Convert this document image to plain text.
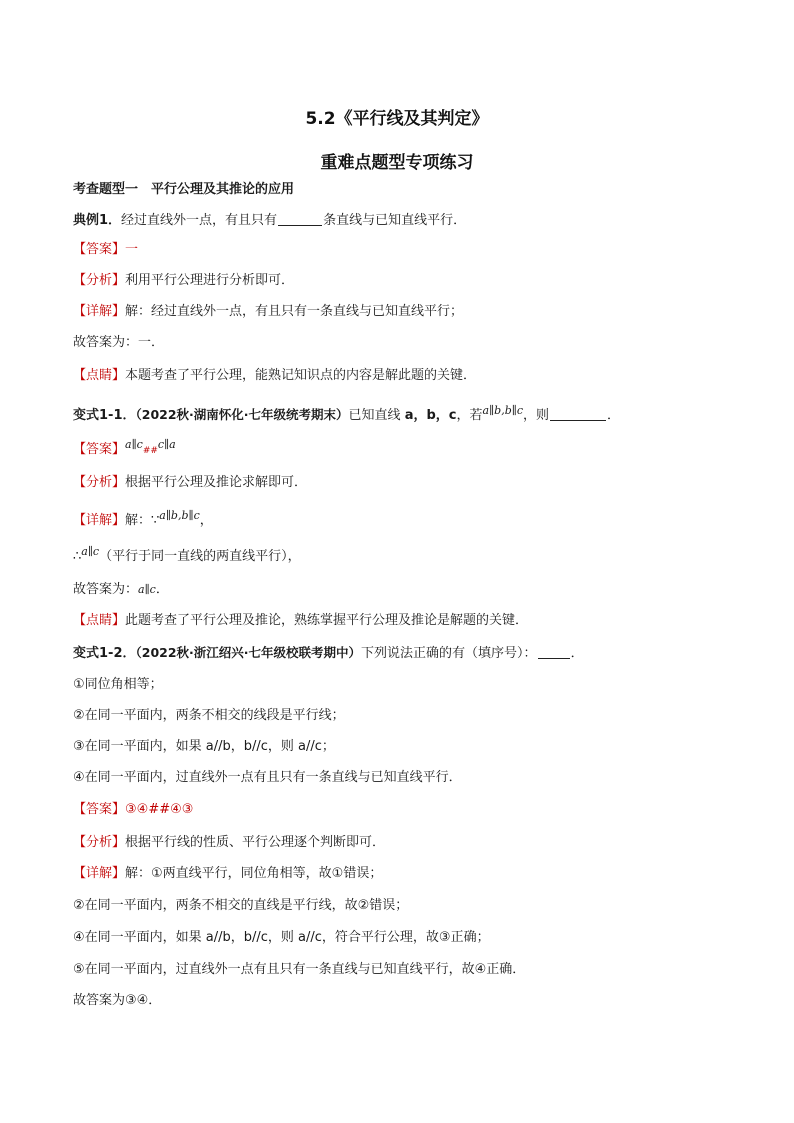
5.2《平行线及其判定》
重难点题型专项练习
考查题型一　平行公理及其推论的应用
典例1．经过直线外一点，有且只有	条直线与已知直线平行．
【答案】一
【分析】利用平行公理进行分析即可．
【详解】解：经过直线外一点，有且只有一条直线与已知直线平行；
故答案为：一．
【点睛】本题考查了平行公理，能熟记知识点的内容是解此题的关键．
变式1-1．（2022秋·湖南怀化·七年级统考期末）已知直线 a，b，c，若$^{a\parallel b,b\parallel c}$，则	．
【答案】$^{a\parallel c}$##$^{c\parallel a}$
【分析】根据平行公理及推论求解即可．
【详解】解：∵$^{a\parallel b,b\parallel c}$，
∴$^{a\parallel c}$（平行于同一直线的两直线平行），
故答案为：a∥c．
【点睛】此题考查了平行公理及推论，熟练掌握平行公理及推论是解题的关键．
变式1-2．（2022秋·浙江绍兴·七年级校联考期中）下列说法正确的有（填序号）：	．
①同位角相等；
②在同一平面内，两条不相交的线段是平行线；
③在同一平面内，如果 a//b，b//c，则 a//c；
④在同一平面内，过直线外一点有且只有一条直线与已知直线平行．
【答案】③④##④③
【分析】根据平行线的性质、平行公理逐个判断即可．
【详解】解：①两直线平行，同位角相等，故①错误；
②在同一平面内，两条不相交的直线是平行线，故②错误；
④在同一平面内，如果 a//b，b//c，则 a//c，符合平行公理，故③正确；
⑤在同一平面内，过直线外一点有且只有一条直线与已知直线平行，故④正确．
故答案为③④．
